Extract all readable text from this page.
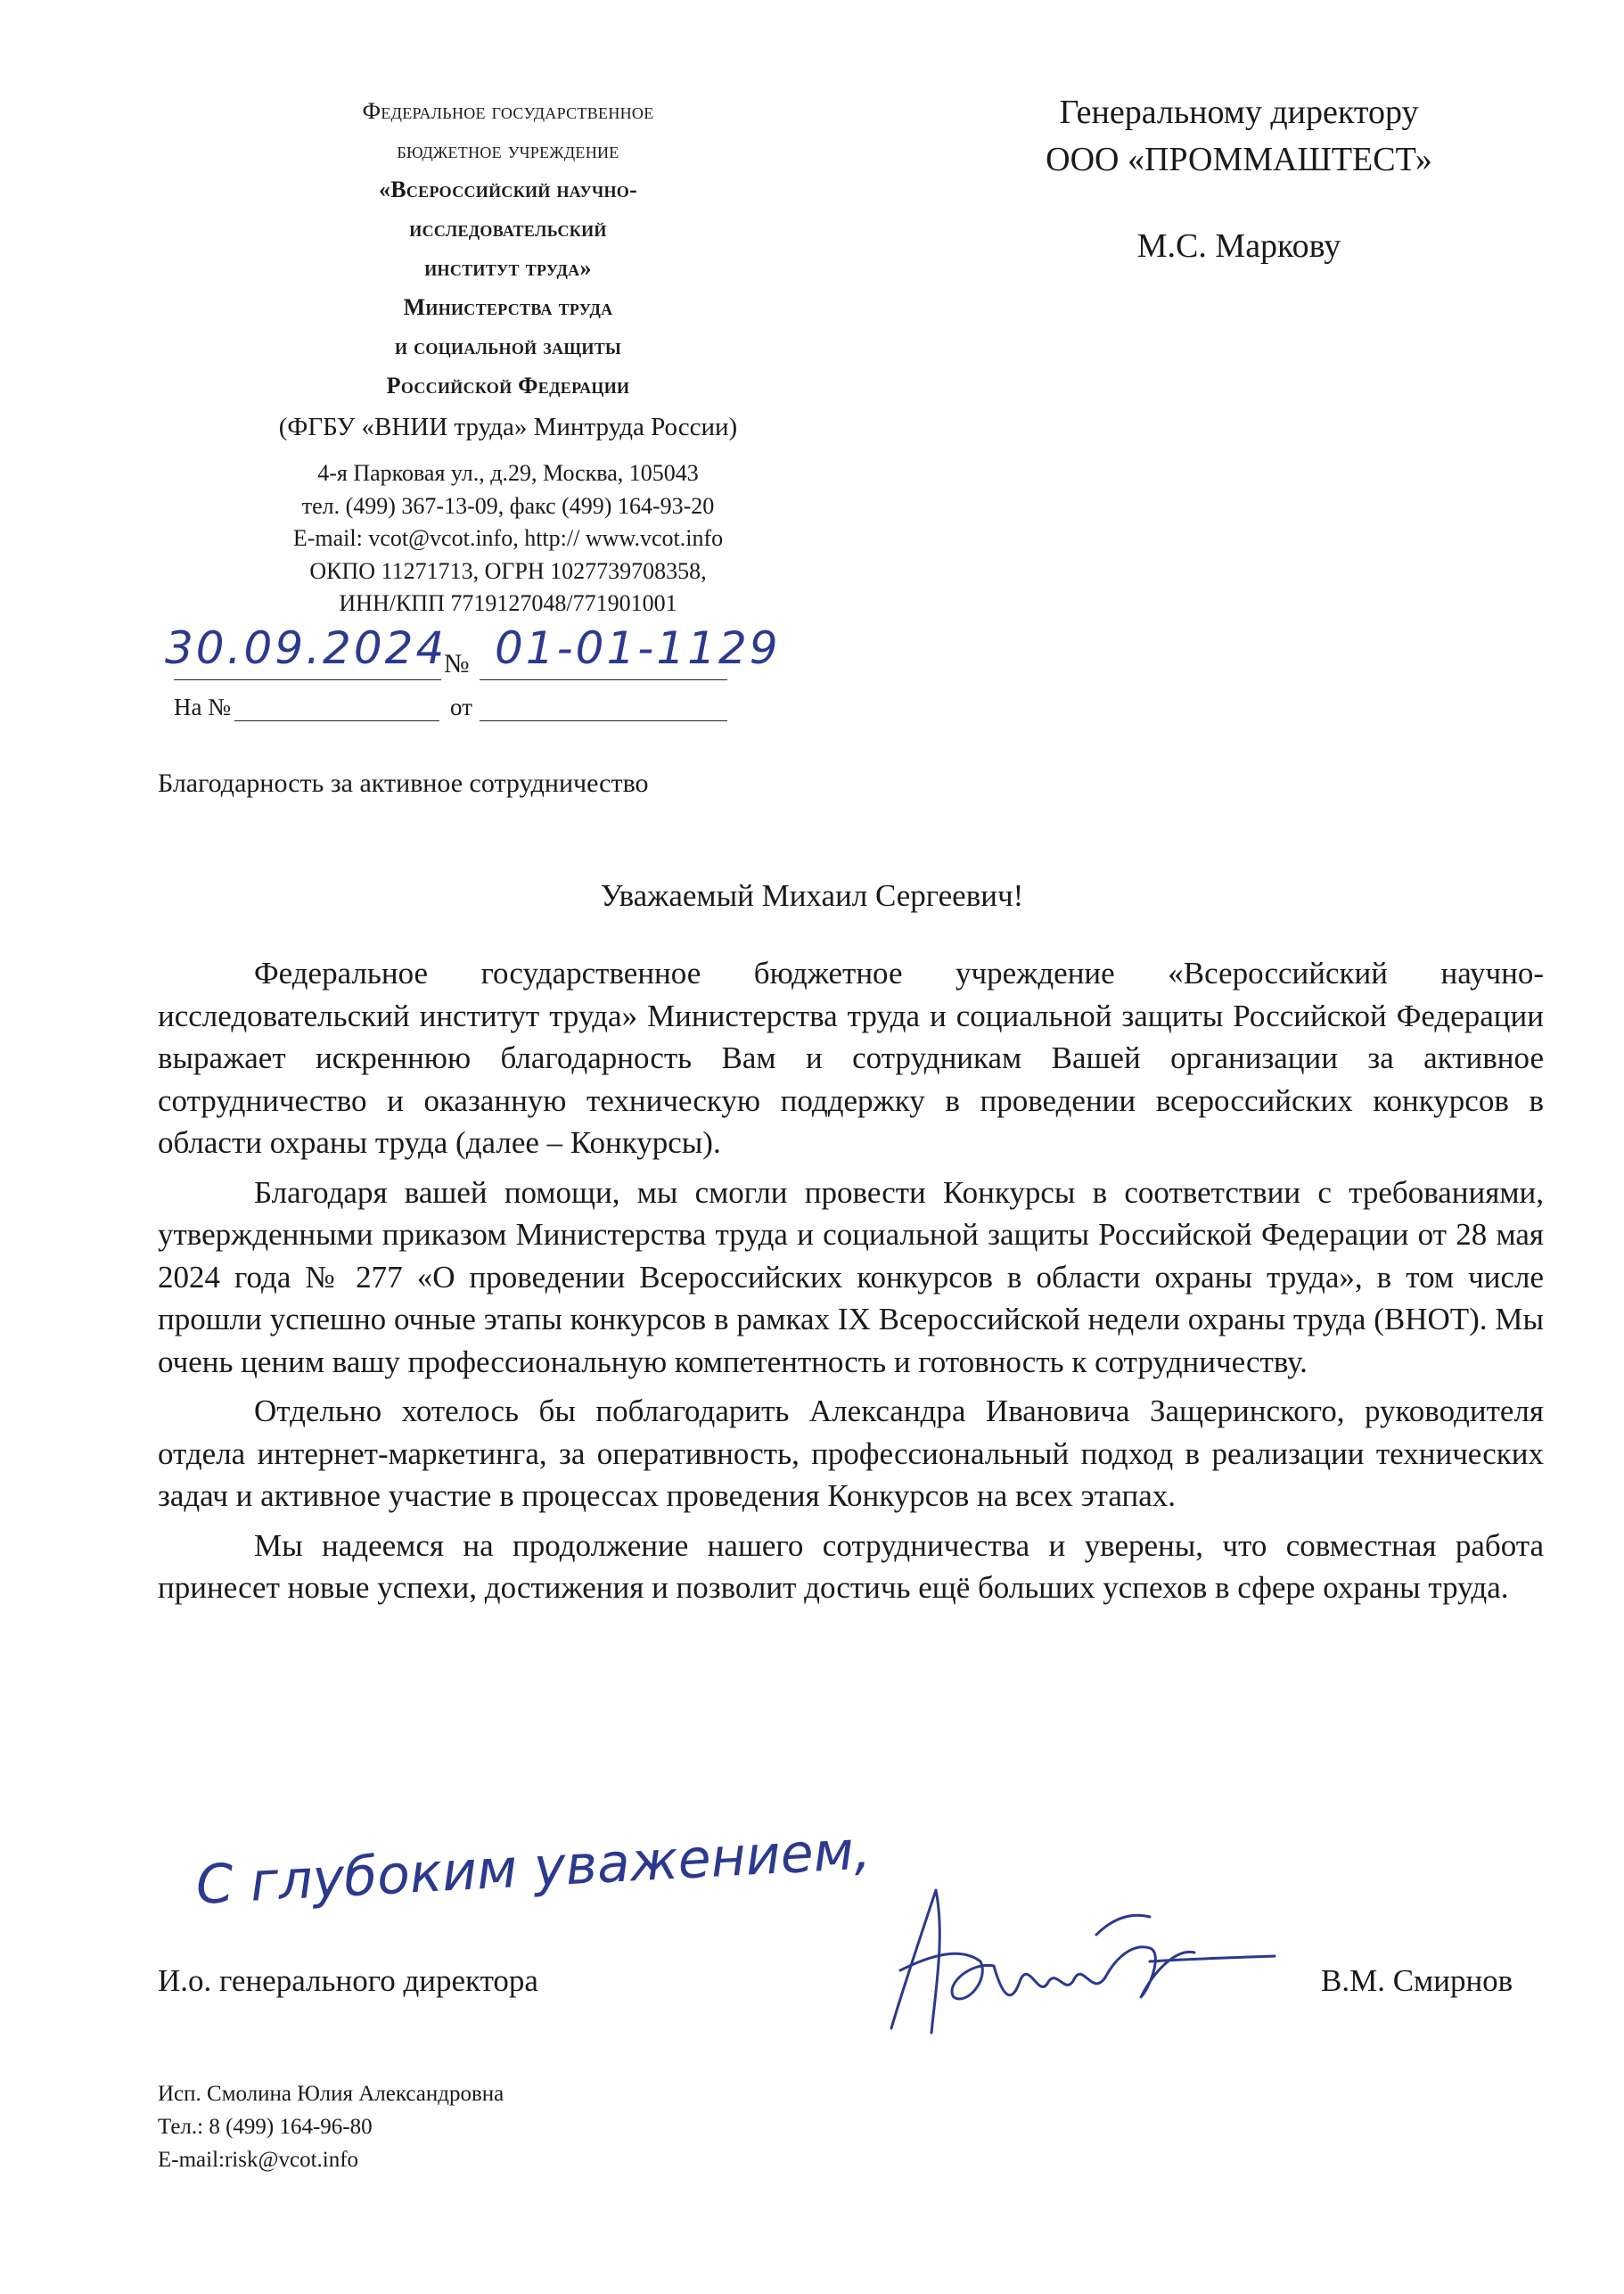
Федеральное государственное
бюджетное учреждение
«Всероссийский научно-
исследовательский
институт труда»
Министерства труда
и социальной защиты
Российской Федерации
(ФГБУ «ВНИИ труда» Минтруда России)
4-я Парковая ул., д.29, Москва, 105043
тел. (499) 367-13-09, факс (499) 164-93-20
E-mail: vcot@vcot.info, http:// www.vcot.info
ОКПО 11271713, ОГРН 1027739708358,
ИНН/КПП 7719127048/771901001
Генеральному директору
ООО «ПРОММАШТЕСТ»
М.С. Маркову
30.09.2024
№ 01-01-1129
На №	от
Благодарность за активное сотрудничество
Уважаемый Михаил Сергеевич!

Федеральное государственное бюджетное учреждение «Всероссийский научно-исследовательский институт труда» Министерства труда и социальной защиты Российской Федерации выражает искреннюю благодарность Вам и сотрудникам Вашей организации за активное сотрудничество и оказанную техническую поддержку в проведении всероссийских конкурсов в области охраны труда (далее – Конкурсы).

Благодаря вашей помощи, мы смогли провести Конкурсы в соответствии с требованиями, утвержденными приказом Министерства труда и социальной защиты Российской Федерации от 28 мая 2024 года № 277 «О проведении Всероссийских конкурсов в области охраны труда», в том числе прошли успешно очные этапы конкурсов в рамках IX Всероссийской недели охраны труда (ВНОТ). Мы очень ценим вашу профессиональную компетентность и готовность к сотрудничеству.

Отдельно хотелось бы поблагодарить Александра Ивановича Защеринского, руководителя отдела интернет-маркетинга, за оперативность, профессиональный подход в реализации технических задач и активное участие в процессах проведения Конкурсов на всех этапах.

Мы надеемся на продолжение нашего сотрудничества и уверены, что совместная работа принесет новые успехи, достижения и позволит достичь ещё больших успехов в сфере охраны труда.

С глубоким уважением,
И.о. генерального директора	В.М. Смирнов
Исп. Смолина Юлия Александровна
Тел.: 8 (499) 164-96-80
E-mail:risk@vcot.info
